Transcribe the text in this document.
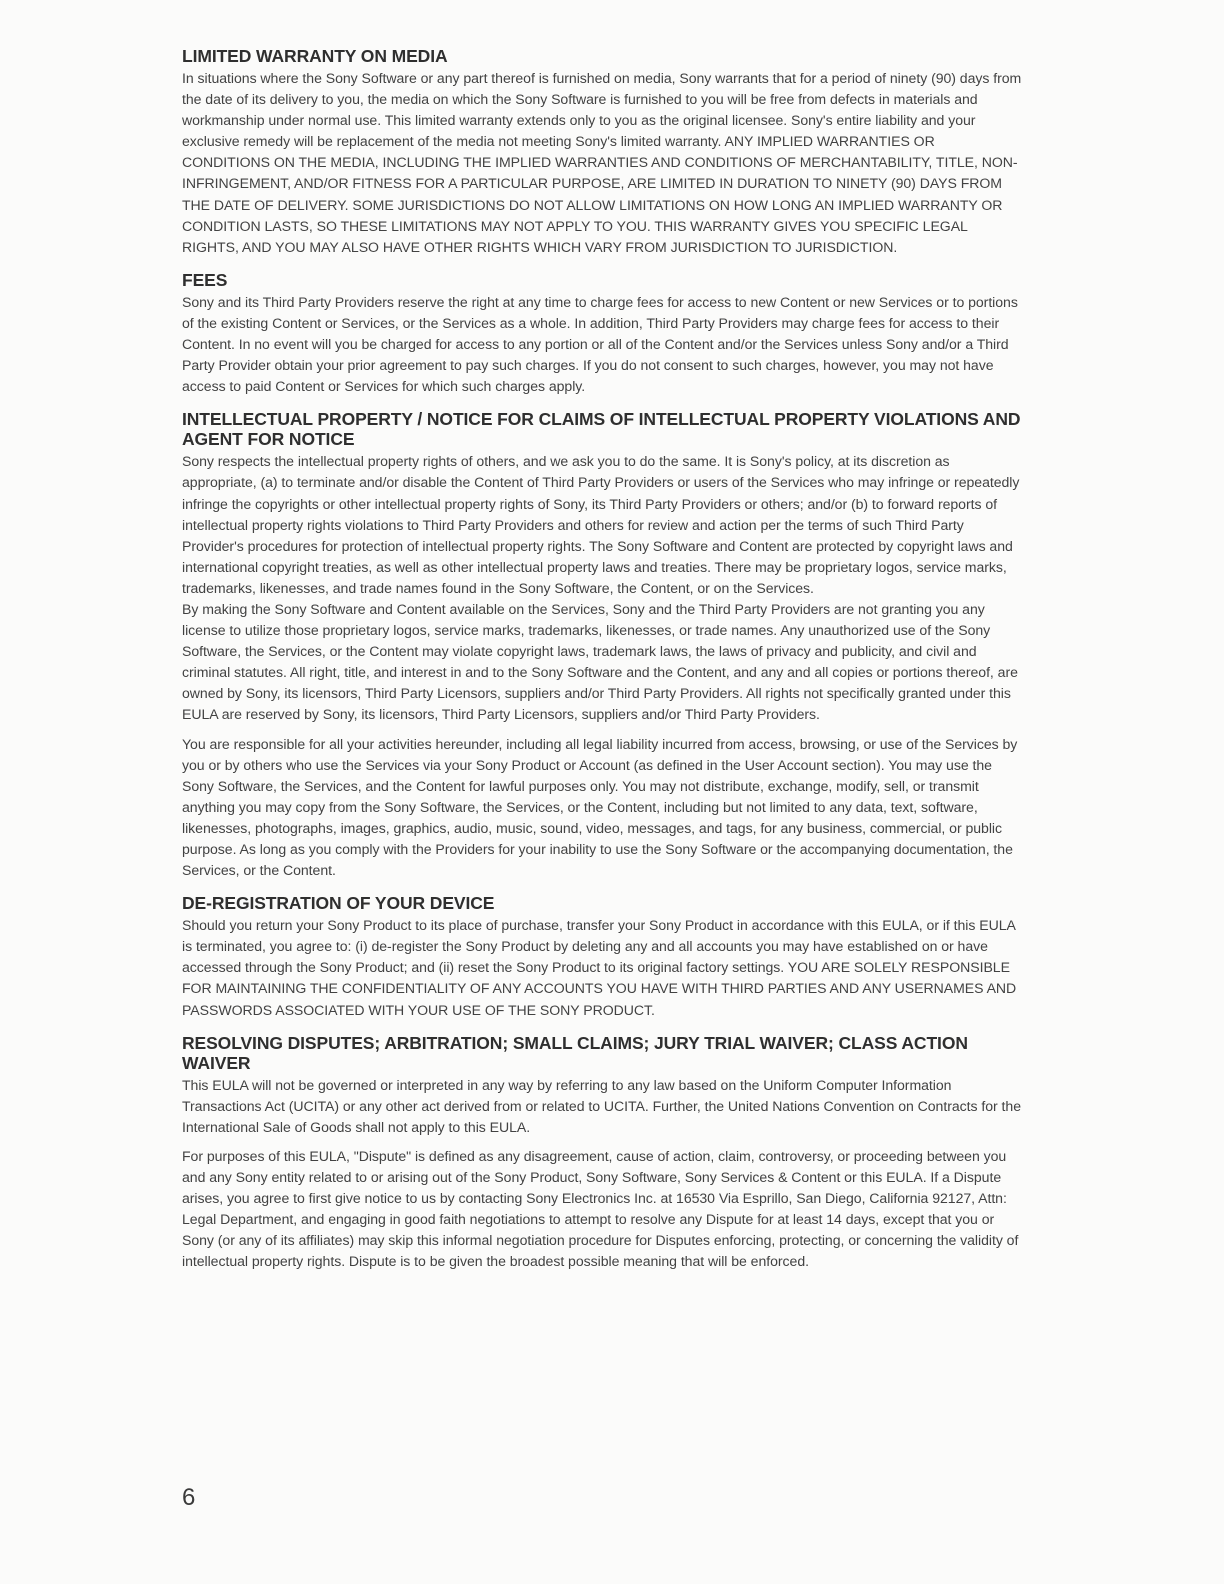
LIMITED WARRANTY ON MEDIA

In situations where the Sony Software or any part thereof is furnished on media, Sony warrants that for a period of ninety (90) days from the date of its delivery to you, the media on which the Sony Software is furnished to you will be free from defects in materials and workmanship under normal use. This limited warranty extends only to you as the original licensee. Sony's entire liability and your exclusive remedy will be replacement of the media not meeting Sony's limited warranty. ANY IMPLIED WARRANTIES OR CONDITIONS ON THE MEDIA, INCLUDING THE IMPLIED WARRANTIES AND CONDITIONS OF MERCHANTABILITY, TITLE, NON-INFRINGEMENT, AND/OR FITNESS FOR A PARTICULAR PURPOSE, ARE LIMITED IN DURATION TO NINETY (90) DAYS FROM THE DATE OF DELIVERY. SOME JURISDICTIONS DO NOT ALLOW LIMITATIONS ON HOW LONG AN IMPLIED WARRANTY OR CONDITION LASTS, SO THESE LIMITATIONS MAY NOT APPLY TO YOU. THIS WARRANTY GIVES YOU SPECIFIC LEGAL RIGHTS, AND YOU MAY ALSO HAVE OTHER RIGHTS WHICH VARY FROM JURISDICTION TO JURISDICTION.

FEES

Sony and its Third Party Providers reserve the right at any time to charge fees for access to new Content or new Services or to portions of the existing Content or Services, or the Services as a whole. In addition, Third Party Providers may charge fees for access to their Content. In no event will you be charged for access to any portion or all of the Content and/or the Services unless Sony and/or a Third Party Provider obtain your prior agreement to pay such charges. If you do not consent to such charges, however, you may not have access to paid Content or Services for which such charges apply.

INTELLECTUAL PROPERTY / NOTICE FOR CLAIMS OF INTELLECTUAL PROPERTY VIOLATIONS AND AGENT FOR NOTICE

Sony respects the intellectual property rights of others, and we ask you to do the same. It is Sony's policy, at its discretion as appropriate, (a) to terminate and/or disable the Content of Third Party Providers or users of the Services who may infringe or repeatedly infringe the copyrights or other intellectual property rights of Sony, its Third Party Providers or others; and/or (b) to forward reports of intellectual property rights violations to Third Party Providers and others for review and action per the terms of such Third Party Provider's procedures for protection of intellectual property rights. The Sony Software and Content are protected by copyright laws and international copyright treaties, as well as other intellectual property laws and treaties. There may be proprietary logos, service marks, trademarks, likenesses, and trade names found in the Sony Software, the Content, or on the Services.

By making the Sony Software and Content available on the Services, Sony and the Third Party Providers are not granting you any license to utilize those proprietary logos, service marks, trademarks, likenesses, or trade names. Any unauthorized use of the Sony Software, the Services, or the Content may violate copyright laws, trademark laws, the laws of privacy and publicity, and civil and criminal statutes. All right, title, and interest in and to the Sony Software and the Content, and any and all copies or portions thereof, are owned by Sony, its licensors, Third Party Licensors, suppliers and/or Third Party Providers. All rights not specifically granted under this EULA are reserved by Sony, its licensors, Third Party Licensors, suppliers and/or Third Party Providers.

You are responsible for all your activities hereunder, including all legal liability incurred from access, browsing, or use of the Services by you or by others who use the Services via your Sony Product or Account (as defined in the User Account section). You may use the Sony Software, the Services, and the Content for lawful purposes only. You may not distribute, exchange, modify, sell, or transmit anything you may copy from the Sony Software, the Services, or the Content, including but not limited to any data, text, software, likenesses, photographs, images, graphics, audio, music, sound, video, messages, and tags, for any business, commercial, or public purpose. As long as you comply with the Providers for your inability to use the Sony Software or the accompanying documentation, the Services, or the Content.

DE-REGISTRATION OF YOUR DEVICE

Should you return your Sony Product to its place of purchase, transfer your Sony Product in accordance with this EULA, or if this EULA is terminated, you agree to: (i) de-register the Sony Product by deleting any and all accounts you may have established on or have accessed through the Sony Product; and (ii) reset the Sony Product to its original factory settings. YOU ARE SOLELY RESPONSIBLE FOR MAINTAINING THE CONFIDENTIALITY OF ANY ACCOUNTS YOU HAVE WITH THIRD PARTIES AND ANY USERNAMES AND PASSWORDS ASSOCIATED WITH YOUR USE OF THE SONY PRODUCT.

RESOLVING DISPUTES; ARBITRATION; SMALL CLAIMS; JURY TRIAL WAIVER; CLASS ACTION WAIVER

This EULA will not be governed or interpreted in any way by referring to any law based on the Uniform Computer Information Transactions Act (UCITA) or any other act derived from or related to UCITA. Further, the United Nations Convention on Contracts for the International Sale of Goods shall not apply to this EULA.

For purposes of this EULA, "Dispute" is defined as any disagreement, cause of action, claim, controversy, or proceeding between you and any Sony entity related to or arising out of the Sony Product, Sony Software, Sony Services & Content or this EULA. If a Dispute arises, you agree to first give notice to us by contacting Sony Electronics Inc. at 16530 Via Esprillo, San Diego, California 92127, Attn: Legal Department, and engaging in good faith negotiations to attempt to resolve any Dispute for at least 14 days, except that you or Sony (or any of its affiliates) may skip this informal negotiation procedure for Disputes enforcing, protecting, or concerning the validity of intellectual property rights. Dispute is to be given the broadest possible meaning that will be enforced.

6
